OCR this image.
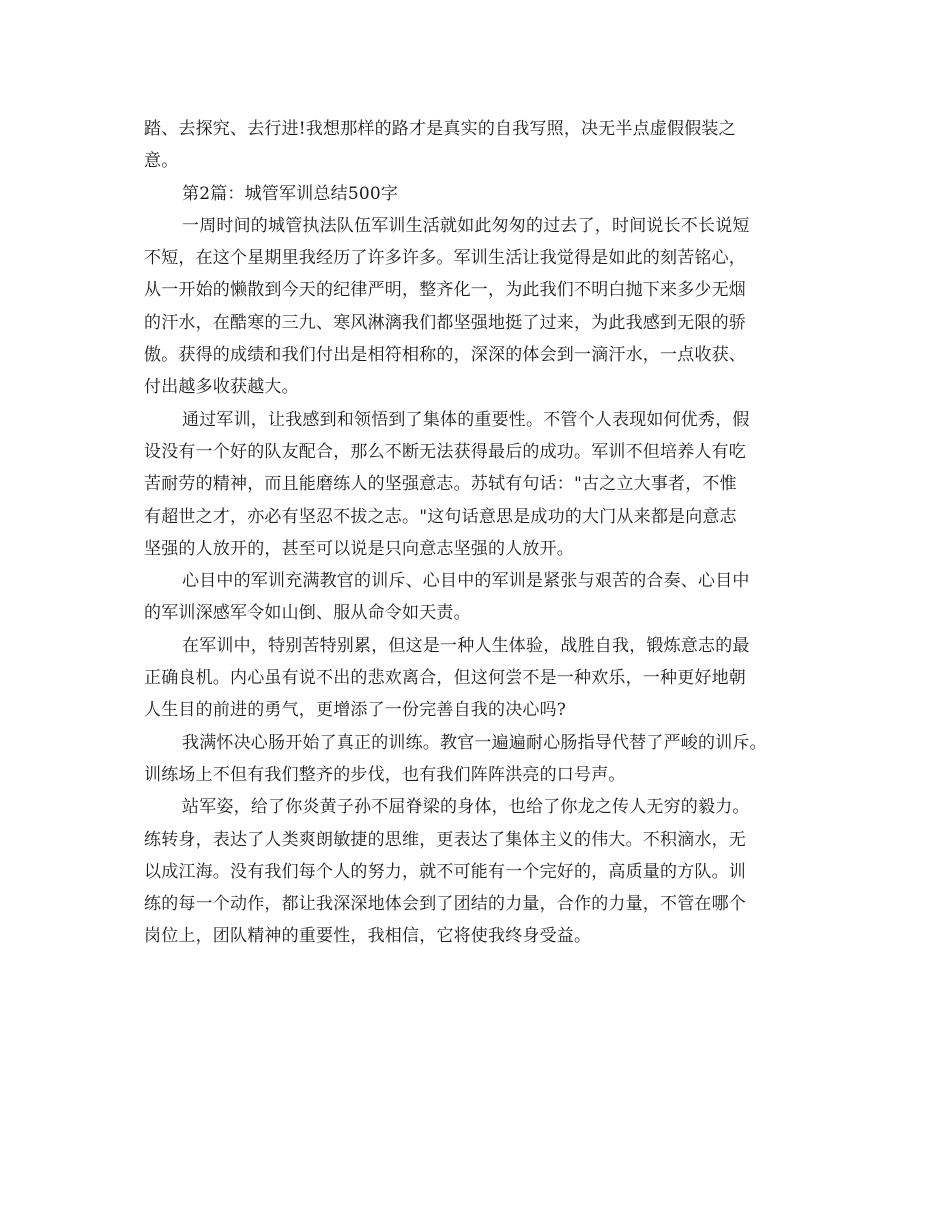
踏、去探究、去行进!我想那样的路才是真实的自我写照，决无半点虚假假装之
意。
第2篇：城管军训总结500字
一周时间的城管执法队伍军训生活就如此匆匆的过去了，时间说长不长说短
不短，在这个星期里我经历了许多许多。军训生活让我觉得是如此的刻苦铭心，
从一开始的懒散到今天的纪律严明，整齐化一，为此我们不明白抛下来多少无烟
的汗水，在酷寒的三九、寒风淋漓我们都坚强地挺了过来，为此我感到无限的骄
傲。获得的成绩和我们付出是相符相称的，深深的体会到一滴汗水，一点收获、
付出越多收获越大。
通过军训，让我感到和领悟到了集体的重要性。不管个人表现如何优秀，假
设没有一个好的队友配合，那么不断无法获得最后的成功。军训不但培养人有吃
苦耐劳的精神，而且能磨练人的坚强意志。苏轼有句话："古之立大事者，不惟
有超世之才，亦必有坚忍不拔之志。"这句话意思是成功的大门从来都是向意志
坚强的人放开的，甚至可以说是只向意志坚强的人放开。
心目中的军训充满教官的训斥、心目中的军训是紧张与艰苦的合奏、心目中
的军训深感军令如山倒、服从命令如天责。
在军训中，特别苦特别累，但这是一种人生体验，战胜自我，锻炼意志的最
正确良机。内心虽有说不出的悲欢离合，但这何尝不是一种欢乐，一种更好地朝
人生目的前进的勇气，更增添了一份完善自我的决心吗?
我满怀决心肠开始了真正的训练。教官一遍遍耐心肠指导代替了严峻的训斥。
训练场上不但有我们整齐的步伐，也有我们阵阵洪亮的口号声。
站军姿，给了你炎黄子孙不屈脊梁的身体，也给了你龙之传人无穷的毅力。
练转身，表达了人类爽朗敏捷的思维，更表达了集体主义的伟大。不积滴水，无
以成江海。没有我们每个人的努力，就不可能有一个完好的，高质量的方队。训
练的每一个动作，都让我深深地体会到了团结的力量，合作的力量，不管在哪个
岗位上，团队精神的重要性，我相信，它将使我终身受益。
